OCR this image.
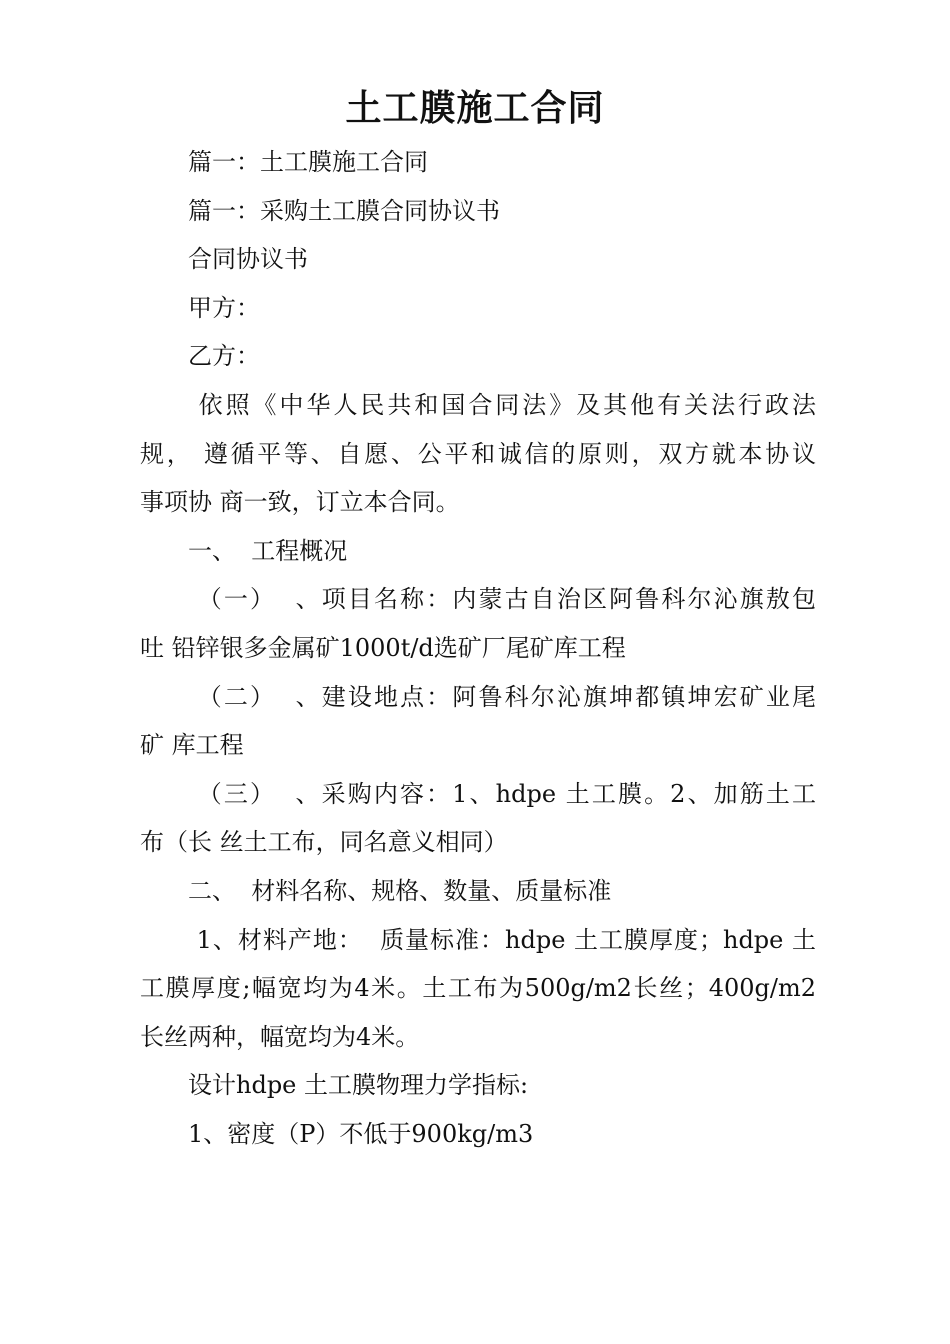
土工膜施工合同
篇一：土工膜施工合同
篇一：采购土工膜合同协议书
合同协议书
甲方：
乙方：
依照《中华人民共和国合同法》及其他有关法行政法
规， 遵循平等、自愿、公平和诚信的原则，双方就本协议
事项协 商一致，订立本合同。
一、  工程概况
（一）  、项目名称：内蒙古自治区阿鲁科尔沁旗敖包
吐 铅锌银多金属矿1000t/d选矿厂尾矿库工程
（二）  、建设地点：阿鲁科尔沁旗坤都镇坤宏矿业尾
矿 库工程
（三）  、采购内容：1、hdpe 土工膜。2、加筋土工
布（长 丝土工布，同名意义相同）
二、  材料名称、规格、数量、质量标准
1、材料产地：  质量标准：hdpe 土工膜厚度；hdpe 土
工膜厚度;幅宽均为4米。土工布为500g/m2长丝；400g/m2
长丝两种，幅宽均为4米。
设计hdpe 土工膜物理力学指标:
1、密度（P）不低于900kg/m3
